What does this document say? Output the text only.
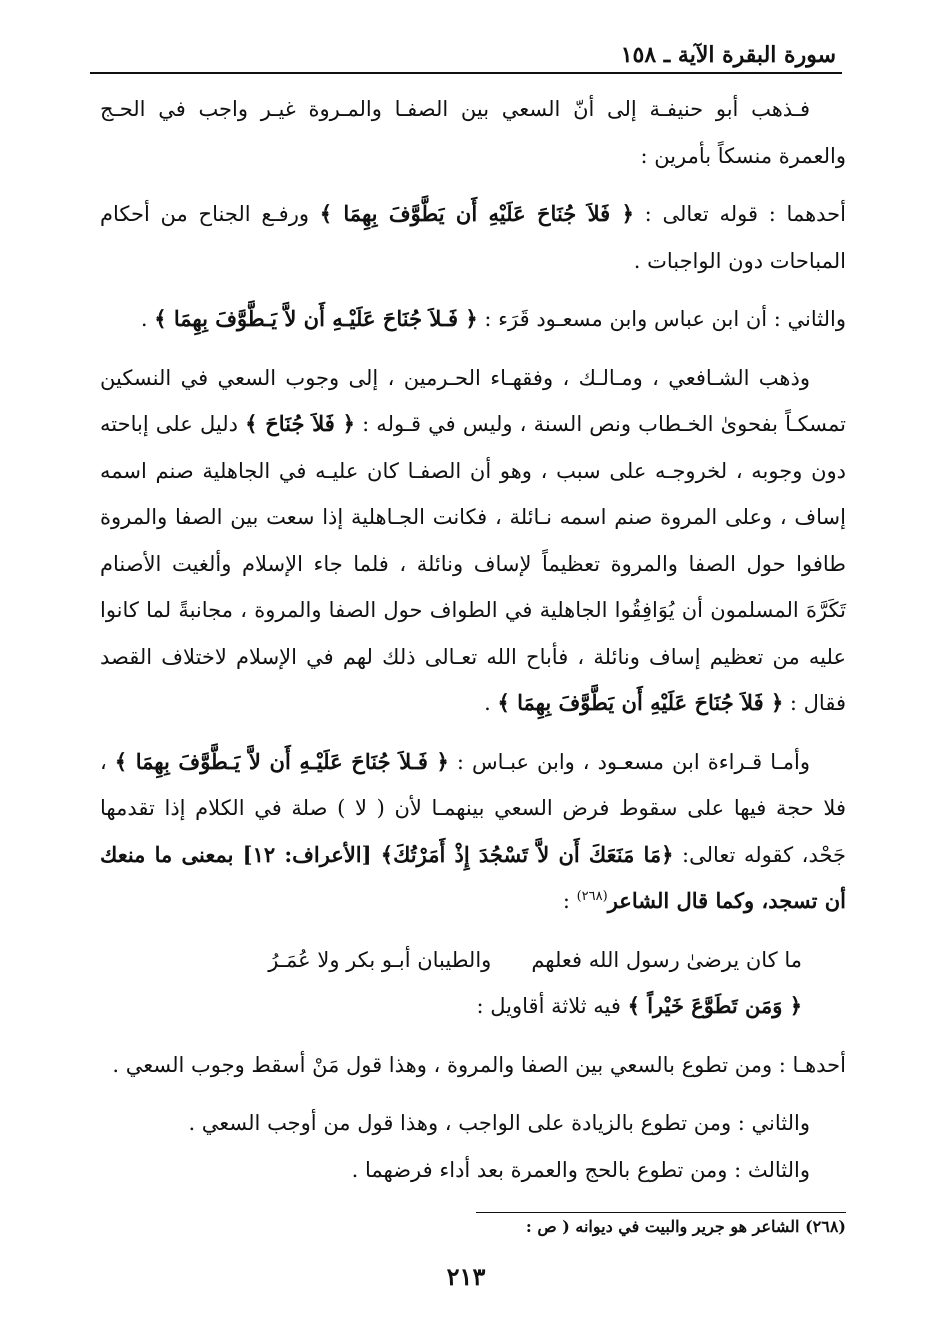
سورة البقرة الآية ـ ١٥٨

فـذهب أبو حنيفـة إلى أنّ السعي بين الصفـا والمـروة غيـر واجب في الحـج والعمرة منسكاً بأمرين :

أحدهما : قوله تعالى : ﴿ فَلاَ جُنَاحَ عَلَيْهِ أَن يَطَّوَّفَ بِهِمَا ﴾ ورفـع الجناح من أحكام المباحات دون الواجبات .

والثاني : أن ابن عباس وابن مسعـود قَرَء : ﴿ فَـلاَ جُنَاحَ عَلَيْـهِ أَن لاَّ يَـطَّوَّفَ بِهِمَا ﴾ .

وذهب الشـافعي ، ومـالـك ، وفقهـاء الحـرمين ، إلى وجوب السعي في النسكين تمسكـاً بفحوىٰ الخـطاب ونص السنة ، وليس في قـوله : ﴿ فَلاَ جُنَاحَ ﴾ دليل على إباحته دون وجوبه ، لخروجـه على سبب ، وهو أن الصفـا كان عليـه في الجاهلية صنم اسمه إساف ، وعلى المروة صنم اسمه نـائلة ، فكانت الجـاهلية إذا سعت بين الصفا والمروة طافوا حول الصفا والمروة تعظيماً لإساف ونائلة ، فلما جاء الإسلام وألغيت الأصنام تَكَرَّهَ المسلمون أن يُوَافِقُوا الجاهلية في الطواف حول الصفا والمروة ، مجانبةً لما كانوا عليه من تعظيم إساف ونائلة ، فأباح الله تعـالى ذلك لهم في الإسلام لاختلاف القصد فقال : ﴿ فَلاَ جُنَاحَ عَلَيْهِ أَن يَطَّوَّفَ بِهِمَا ﴾ .

وأمـا قـراءة ابن مسعـود ، وابن عبـاس : ﴿ فَـلاَ جُنَاحَ عَلَيْـهِ أَن لاَّ يَـطَّوَّفَ بِهِمَا ﴾ ، فلا حجة فيها على سقوط فرض السعي بينهمـا لأن ( لا ) صلة في الكلام إذا تقدمها جَحْد، كقوله تعالى: ﴿مَا مَنَعَكَ أَن لاَّ تَسْجُدَ إِذْ أَمَرْتُكَ﴾ [الأعراف: ١٢] بمعنى ما منعك أن تسجد، وكما قال الشاعر$^{(٢٦٨)}$ :

ما كان يرضىٰ رسول الله فعلهم
والطيبان أبـو بكر ولا عُمَـرُ

﴿ وَمَن تَطَوَّعَ خَيْراً ﴾ فيه ثلاثة أقاويل :

أحدهـا : ومن تطوع بالسعي بين الصفا والمروة ، وهذا قول مَنْ أسقط وجوب السعي .

والثاني : ومن تطوع بالزيادة على الواجب ، وهذا قول من أوجب السعي .

والثالث : ومن تطوع بالحج والعمرة بعد أداء فرضهما .

(٢٦٨) الشاعر هو جرير والبيت في ديوانه ( ص :
٢١٣
